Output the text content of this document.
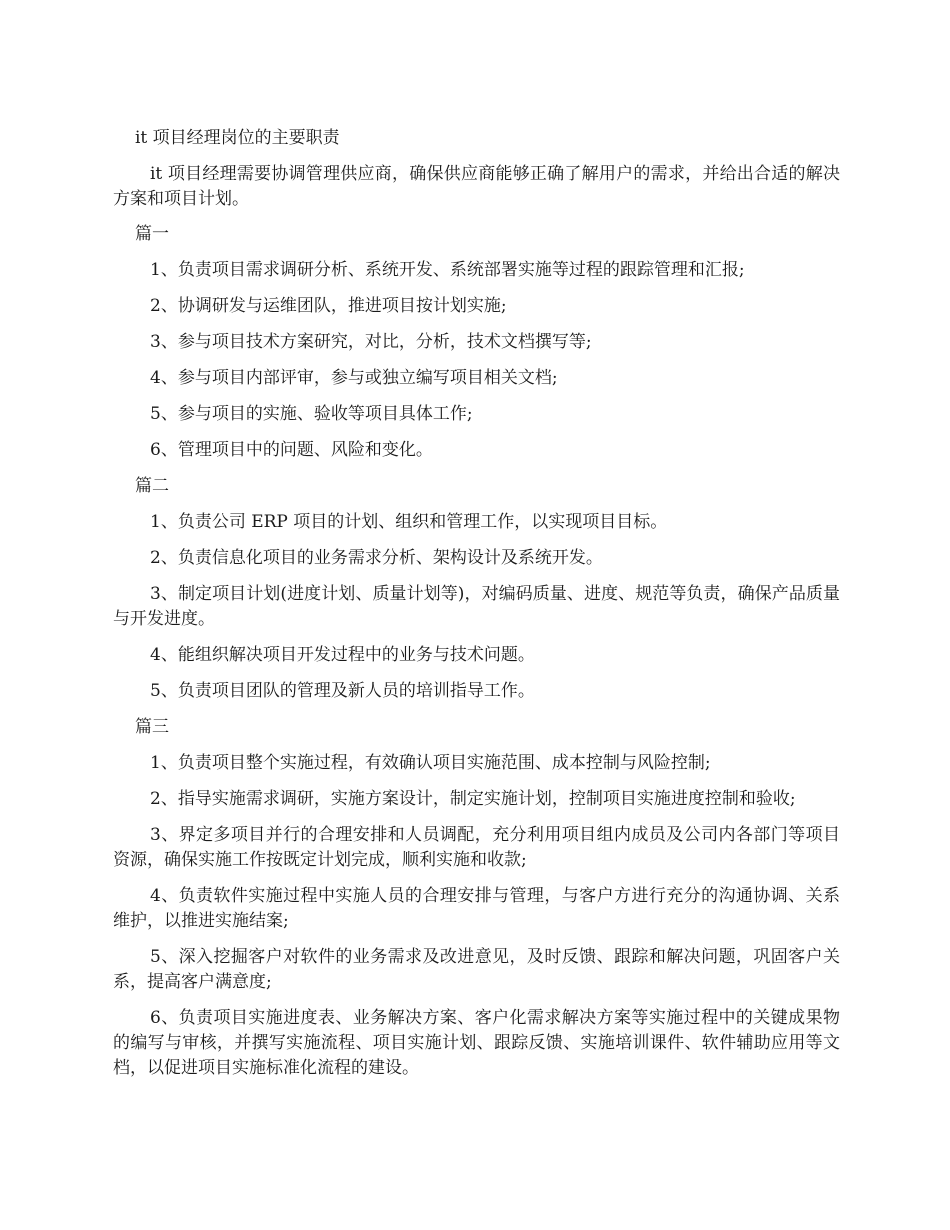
it 项目经理岗位的主要职责

it 项目经理需要协调管理供应商，确保供应商能够正确了解用户的需求，并给出合适的解决方案和项目计划。

篇一

1、负责项目需求调研分析、系统开发、系统部署实施等过程的跟踪管理和汇报;

2、协调研发与运维团队，推进项目按计划实施;

3、参与项目技术方案研究，对比，分析，技术文档撰写等;

4、参与项目内部评审，参与或独立编写项目相关文档;

5、参与项目的实施、验收等项目具体工作;

6、管理项目中的问题、风险和变化。

篇二

1、负责公司 ERP 项目的计划、组织和管理工作，以实现项目目标。

2、负责信息化项目的业务需求分析、架构设计及系统开发。

3、制定项目计划(进度计划、质量计划等)，对编码质量、进度、规范等负责，确保产品质量与开发进度。

4、能组织解决项目开发过程中的业务与技术问题。

5、负责项目团队的管理及新人员的培训指导工作。

篇三

1、负责项目整个实施过程，有效确认项目实施范围、成本控制与风险控制;

2、指导实施需求调研，实施方案设计，制定实施计划，控制项目实施进度控制和验收;

3、界定多项目并行的合理安排和人员调配，充分利用项目组内成员及公司内各部门等项目资源，确保实施工作按既定计划完成，顺利实施和收款;

4、负责软件实施过程中实施人员的合理安排与管理，与客户方进行充分的沟通协调、关系维护，以推进实施结案;

5、深入挖掘客户对软件的业务需求及改进意见，及时反馈、跟踪和解决问题，巩固客户关系，提高客户满意度;

6、负责项目实施进度表、业务解决方案、客户化需求解决方案等实施过程中的关键成果物的编写与审核，并撰写实施流程、项目实施计划、跟踪反馈、实施培训课件、软件辅助应用等文档，以促进项目实施标准化流程的建设。
